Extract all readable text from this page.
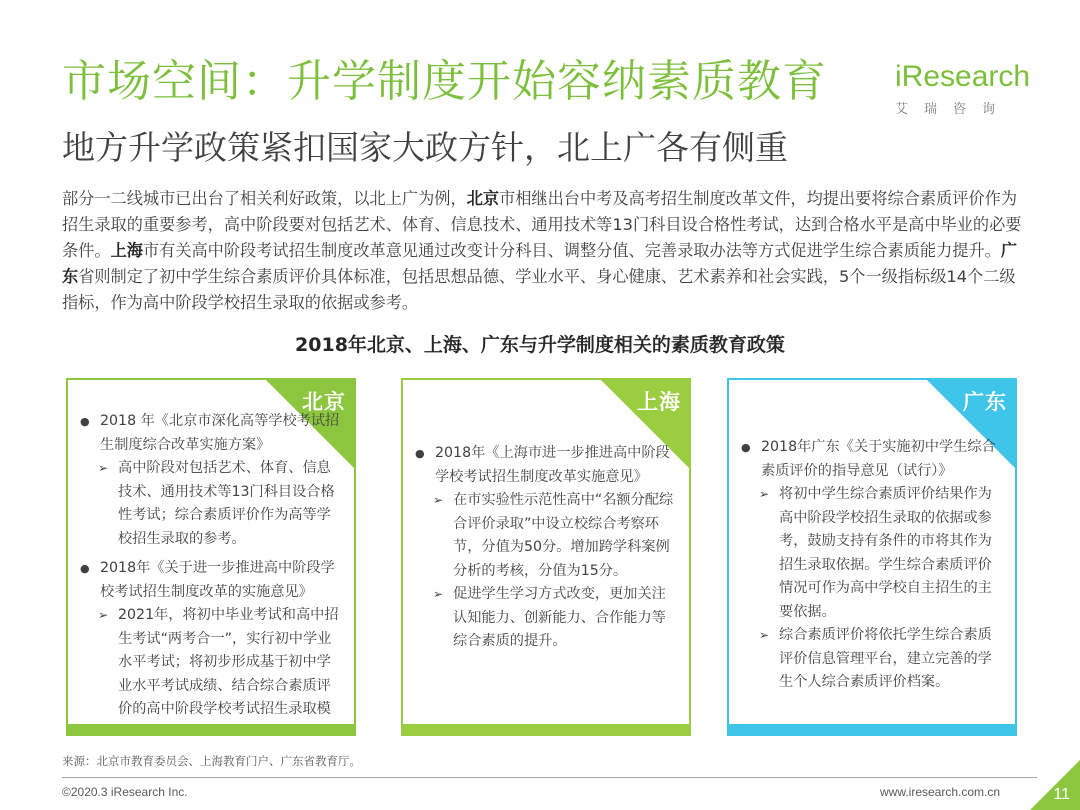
市场空间：升学制度开始容纳素质教育 iResearch
艾瑞咨询
地方升学政策紧扣国家大政方针，北上广各有侧重
部分一二线城市已出台了相关利好政策，以北上广为例，北京市相继出台中考及高考招生制度改革文件，均提出要将综合素质评价作为招生录取的重要参考，高中阶段要对包括艺术、体育、信息技术、通用技术等13门科目设合格性考试，达到合格水平是高中毕业的必要条件。上海市有关高中阶段考试招生制度改革意见通过改变计分科目、调整分值、完善录取办法等方式促进学生综合素质能力提升。广东省则制定了初中学生综合素质评价具体标准，包括思想品德、学业水平、身心健康、艺术素养和社会实践，5个一级指标级14个二级指标，作为高中阶段学校招生录取的依据或参考。
2018年北京、上海、广东与升学制度相关的素质教育政策
北京
● 2018 年《北京市深化高等学校考试招生制度综合改革实施方案》
➢ 高中阶段对包括艺术、体育、信息技术、通用技术等13门科目设合格性考试；综合素质评价作为高等学校招生录取的参考。
● 2018年《关于进一步推进高中阶段学校考试招生制度改革的实施意见》
➢ 2021年，将初中毕业考试和高中招生考试“两考合一”，实行初中学业水平考试；将初步形成基于初中学业水平考试成绩、结合综合素质评价的高中阶段学校考试招生录取模
上海
● 2018年《上海市进一步推进高中阶段学校考试招生制度改革实施意见》
➢ 在市实验性示范性高中“名额分配综合评价录取”中设立校综合考察环节，分值为50分。增加跨学科案例分析的考核，分值为15分。
➢ 促进学生学习方式改变，更加关注认知能力、创新能力、合作能力等综合素质的提升。
广东
● 2018年广东《关于实施初中学生综合素质评价的指导意见（试行）》
➢ 将初中学生综合素质评价结果作为高中阶段学校招生录取的依据或参考，鼓励支持有条件的市将其作为招生录取依据。学生综合素质评价情况可作为高中学校自主招生的主要依据。
➢ 综合素质评价将依托学生综合素质评价信息管理平台，建立完善的学生个人综合素质评价档案。
来源：北京市教育委员会、上海教育门户、广东省教育厅。
©2020.3 iResearch Inc.	www.iresearch.com.cn	11
